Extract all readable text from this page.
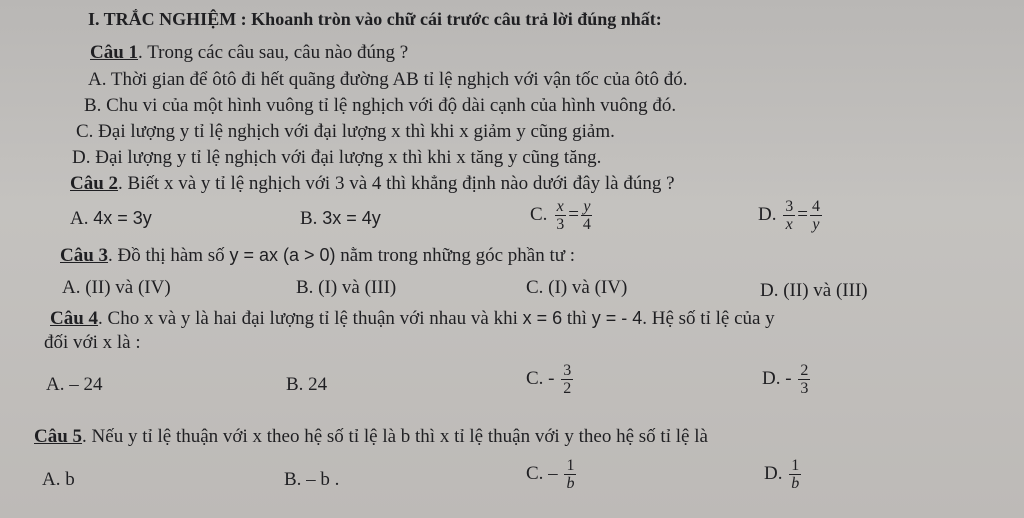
I. TRẮC NGHIỆM : Khoanh tròn vào chữ cái trước câu trả lời đúng nhất:
Câu 1. Trong các câu sau, câu nào đúng ?
A. Thời gian để ôtô đi hết quãng đường AB tỉ lệ nghịch với vận tốc của ôtô đó.
B. Chu vi của một hình vuông tỉ lệ nghịch với độ dài cạnh của hình vuông đó.
C. Đại lượng y tỉ lệ nghịch với đại lượng x thì khi x giảm y cũng giảm.
D. Đại lượng y tỉ lệ nghịch với đại lượng x thì khi x tăng y cũng tăng.
Câu 2. Biết x và y tỉ lệ nghịch với 3 và 4 thì khẳng định nào dưới đây là đúng ?
A. 4x = 3y	B. 3x = 4y	C. $\frac{x}{3} = \frac{y}{4}$	D. $\frac{3}{x} = \frac{4}{y}$
Câu 3. Đồ thị hàm số y = ax (a > 0) nằm trong những góc phần tư :
A. (II) và (IV)	B. (I) và (III)	C. (I) và (IV)	D. (II) và (III)
Câu 4. Cho x và y là hai đại lượng tỉ lệ thuận với nhau và khi x = 6 thì y = - 4. Hệ số tỉ lệ của y
đối với x là :
A. – 24	B. 24	C. - $\frac{3}{2}$	D. - $\frac{2}{3}$
Câu 5. Nếu y tỉ lệ thuận với x theo hệ số tỉ lệ là b thì x tỉ lệ thuận với y theo hệ số tỉ lệ là
A. b	B. – b .	C. – $\frac{1}{b}$	D. $\frac{1}{b}$
